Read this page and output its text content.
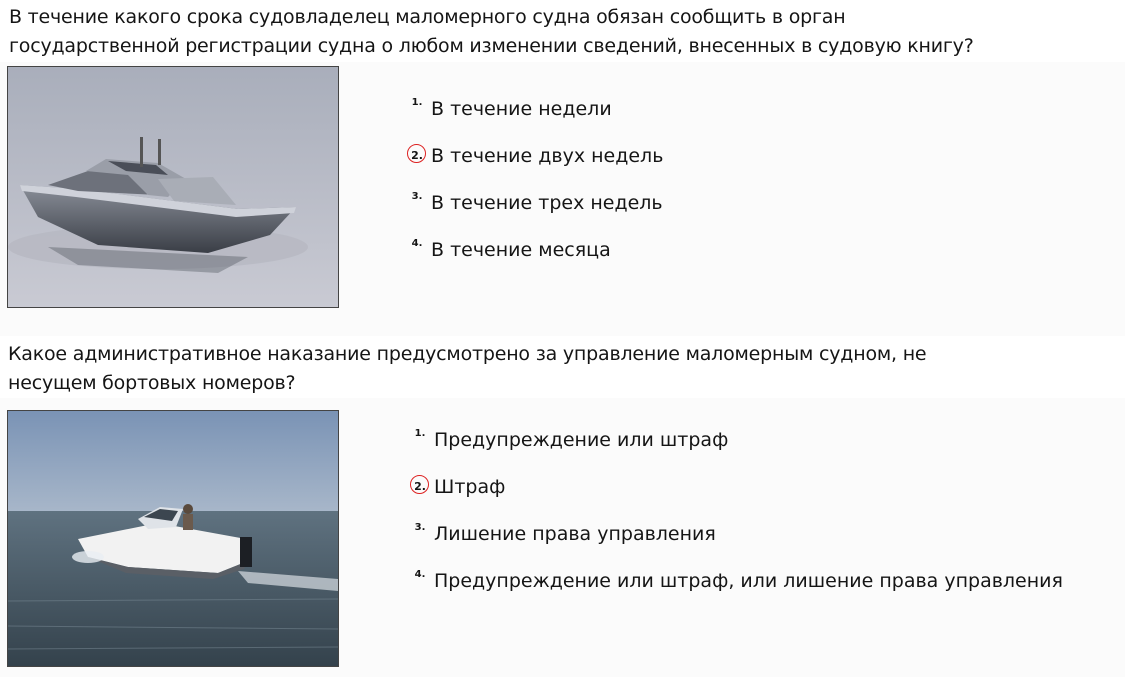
В течение какого срока судовладелец маломерного судна обязан сообщить в орган государственной регистрации судна о любом изменении сведений, внесенных в судовую книгу?

1. В течение недели
2. В течение двух недель
3. В течение трех недель
4. В течение месяца

Какое административное наказание предусмотрено за управление маломерным судном, не несущем бортовых номеров?

1. Предупреждение или штраф
2. Штраф
3. Лишение права управления
4. Предупреждение или штраф, или лишение права управления
